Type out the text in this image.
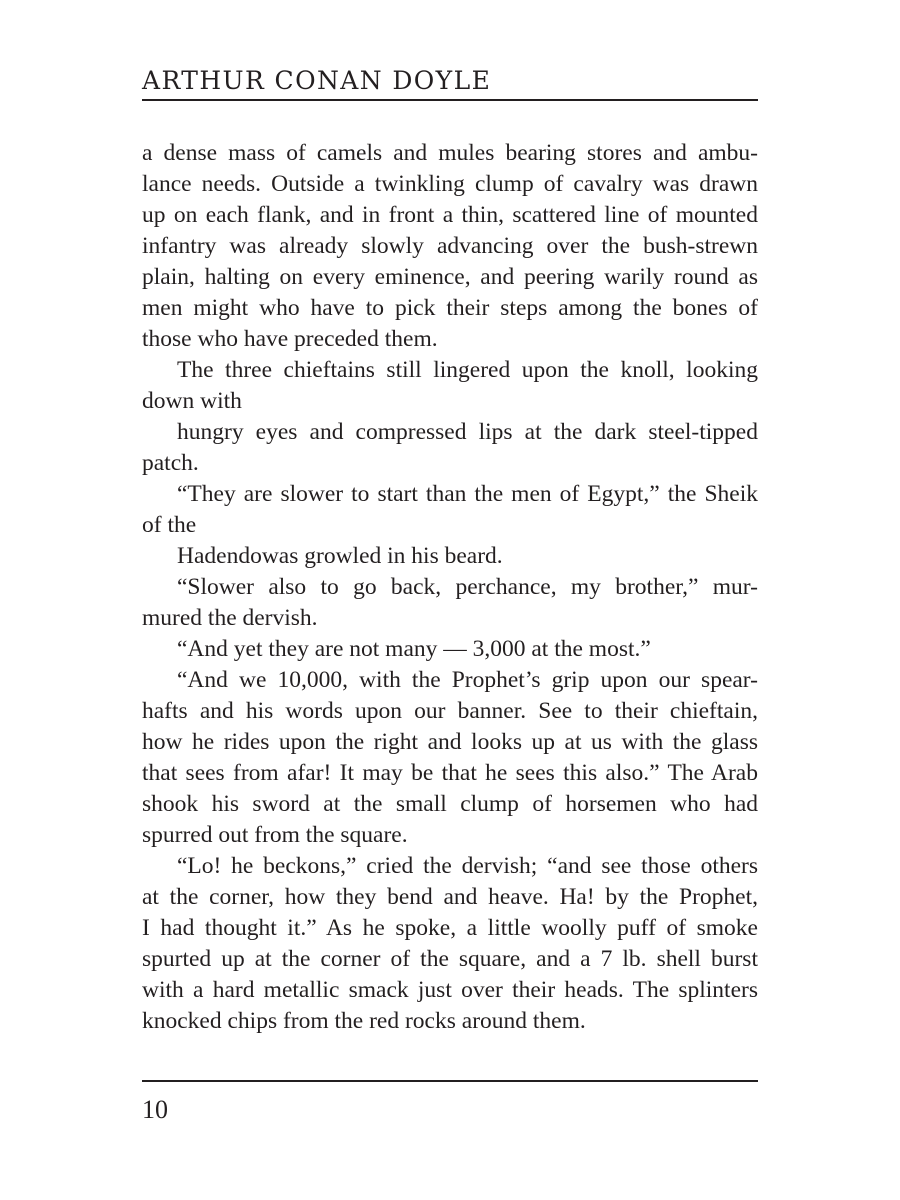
ARTHUR CONAN DOYLE
a dense mass of camels and mules bearing stores and ambu-
lance needs. Outside a twinkling clump of cavalry was drawn
up on each flank, and in front a thin, scattered line of mounted
infantry was already slowly advancing over the bush-strewn
plain, halting on every eminence, and peering warily round as
men might who have to pick their steps among the bones of
those who have preceded them.
The three chieftains still lingered upon the knoll, looking
down with
hungry eyes and compressed lips at the dark steel-tipped
patch.
“They are slower to start than the men of Egypt,” the Sheik
of the
Hadendowas growled in his beard.
“Slower also to go back, perchance, my brother,” mur-
mured the dervish.
“And yet they are not many — 3,000 at the most.”
“And we 10,000, with the Prophet’s grip upon our spear-
hafts and his words upon our banner. See to their chieftain,
how he rides upon the right and looks up at us with the glass
that sees from afar! It may be that he sees this also.” The Arab
shook his sword at the small clump of horsemen who had
spurred out from the square.
“Lo! he beckons,” cried the dervish; “and see those others
at the corner, how they bend and heave. Ha! by the Prophet,
I had thought it.” As he spoke, a little woolly puff of smoke
spurted up at the corner of the square, and a 7 lb. shell burst
with a hard metallic smack just over their heads. The splinters
knocked chips from the red rocks around them.
10
